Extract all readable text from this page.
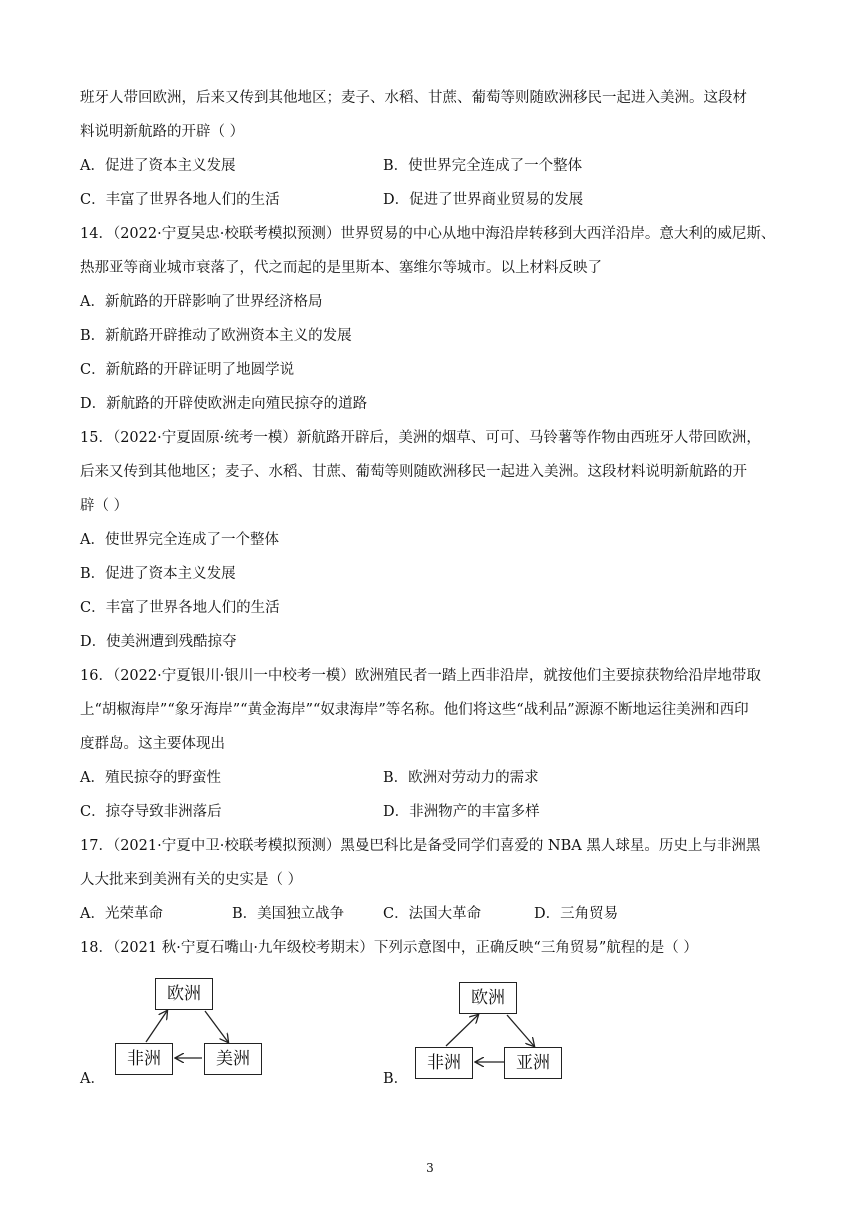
班牙人带回欧洲，后来又传到其他地区；麦子、水稻、甘蔗、葡萄等则随欧洲移民一起进入美洲。这段材
料说明新航路的开辟（ ）
A．促进了资本主义发展	B．使世界完全连成了一个整体
C．丰富了世界各地人们的生活	D．促进了世界商业贸易的发展
14．（2022·宁夏吴忠·校联考模拟预测）世界贸易的中心从地中海沿岸转移到大西洋沿岸。意大利的威尼斯、
热那亚等商业城市衰落了，代之而起的是里斯本、塞维尔等城市。以上材料反映了
A．新航路的开辟影响了世界经济格局
B．新航路开辟推动了欧洲资本主义的发展
C．新航路的开辟证明了地圆学说
D．新航路的开辟使欧洲走向殖民掠夺的道路
15．（2022·宁夏固原·统考一模）新航路开辟后，美洲的烟草、可可、马铃薯等作物由西班牙人带回欧洲，
后来又传到其他地区；麦子、水稻、甘蔗、葡萄等则随欧洲移民一起进入美洲。这段材料说明新航路的开
辟（ ）
A．使世界完全连成了一个整体
B．促进了资本主义发展
C．丰富了世界各地人们的生活
D．使美洲遭到残酷掠夺
16．（2022·宁夏银川·银川一中校考一模）欧洲殖民者一踏上西非沿岸，就按他们主要掠获物给沿岸地带取
上“胡椒海岸”“象牙海岸”“黄金海岸”“奴隶海岸”等名称。他们将这些“战利品”源源不断地运往美洲和西印
度群岛。这主要体现出
A．殖民掠夺的野蛮性	B．欧洲对劳动力的需求
C．掠夺导致非洲落后	D．非洲物产的丰富多样
17．（2021·宁夏中卫·校联考模拟预测）黑曼巴科比是备受同学们喜爱的 NBA 黑人球星。历史上与非洲黑
人大批来到美洲有关的史实是（ ）
A．光荣革命	B．美国独立战争	C．法国大革命	D．三角贸易
18．（2021 秋·宁夏石嘴山·九年级校考期末）下列示意图中，正确反映“三角贸易”航程的是（ ）
A．
欧洲
非洲	美洲
B．
欧洲
非洲	亚洲
3
